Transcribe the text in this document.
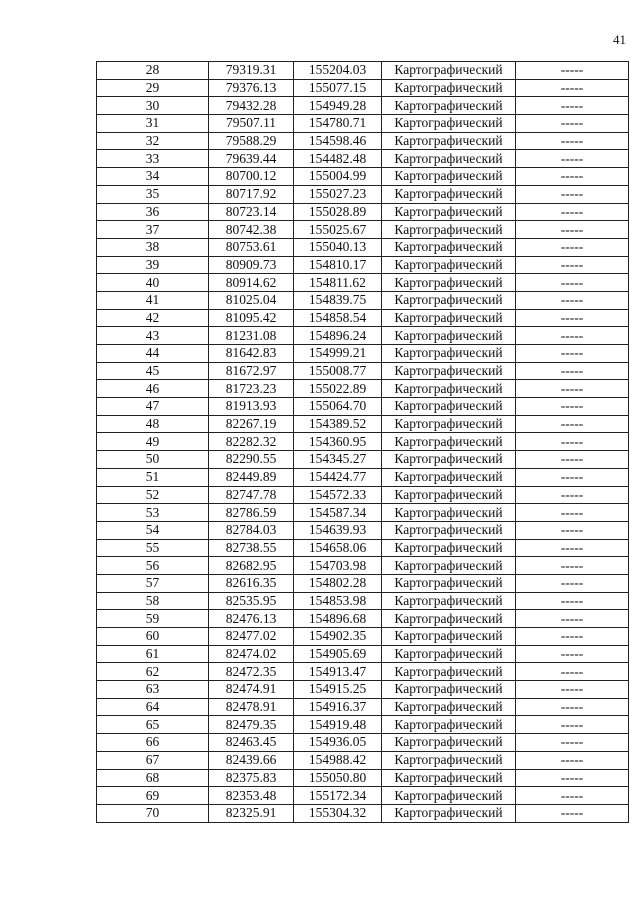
41
28	79319.31	155204.03	Картографический	-----
29	79376.13	155077.15	Картографический	-----
30	79432.28	154949.28	Картографический	-----
31	79507.11	154780.71	Картографический	-----
32	79588.29	154598.46	Картографический	-----
33	79639.44	154482.48	Картографический	-----
34	80700.12	155004.99	Картографический	-----
35	80717.92	155027.23	Картографический	-----
36	80723.14	155028.89	Картографический	-----
37	80742.38	155025.67	Картографический	-----
38	80753.61	155040.13	Картографический	-----
39	80909.73	154810.17	Картографический	-----
40	80914.62	154811.62	Картографический	-----
41	81025.04	154839.75	Картографический	-----
42	81095.42	154858.54	Картографический	-----
43	81231.08	154896.24	Картографический	-----
44	81642.83	154999.21	Картографический	-----
45	81672.97	155008.77	Картографический	-----
46	81723.23	155022.89	Картографический	-----
47	81913.93	155064.70	Картографический	-----
48	82267.19	154389.52	Картографический	-----
49	82282.32	154360.95	Картографический	-----
50	82290.55	154345.27	Картографический	-----
51	82449.89	154424.77	Картографический	-----
52	82747.78	154572.33	Картографический	-----
53	82786.59	154587.34	Картографический	-----
54	82784.03	154639.93	Картографический	-----
55	82738.55	154658.06	Картографический	-----
56	82682.95	154703.98	Картографический	-----
57	82616.35	154802.28	Картографический	-----
58	82535.95	154853.98	Картографический	-----
59	82476.13	154896.68	Картографический	-----
60	82477.02	154902.35	Картографический	-----
61	82474.02	154905.69	Картографический	-----
62	82472.35	154913.47	Картографический	-----
63	82474.91	154915.25	Картографический	-----
64	82478.91	154916.37	Картографический	-----
65	82479.35	154919.48	Картографический	-----
66	82463.45	154936.05	Картографический	-----
67	82439.66	154988.42	Картографический	-----
68	82375.83	155050.80	Картографический	-----
69	82353.48	155172.34	Картографический	-----
70	82325.91	155304.32	Картографический	-----
